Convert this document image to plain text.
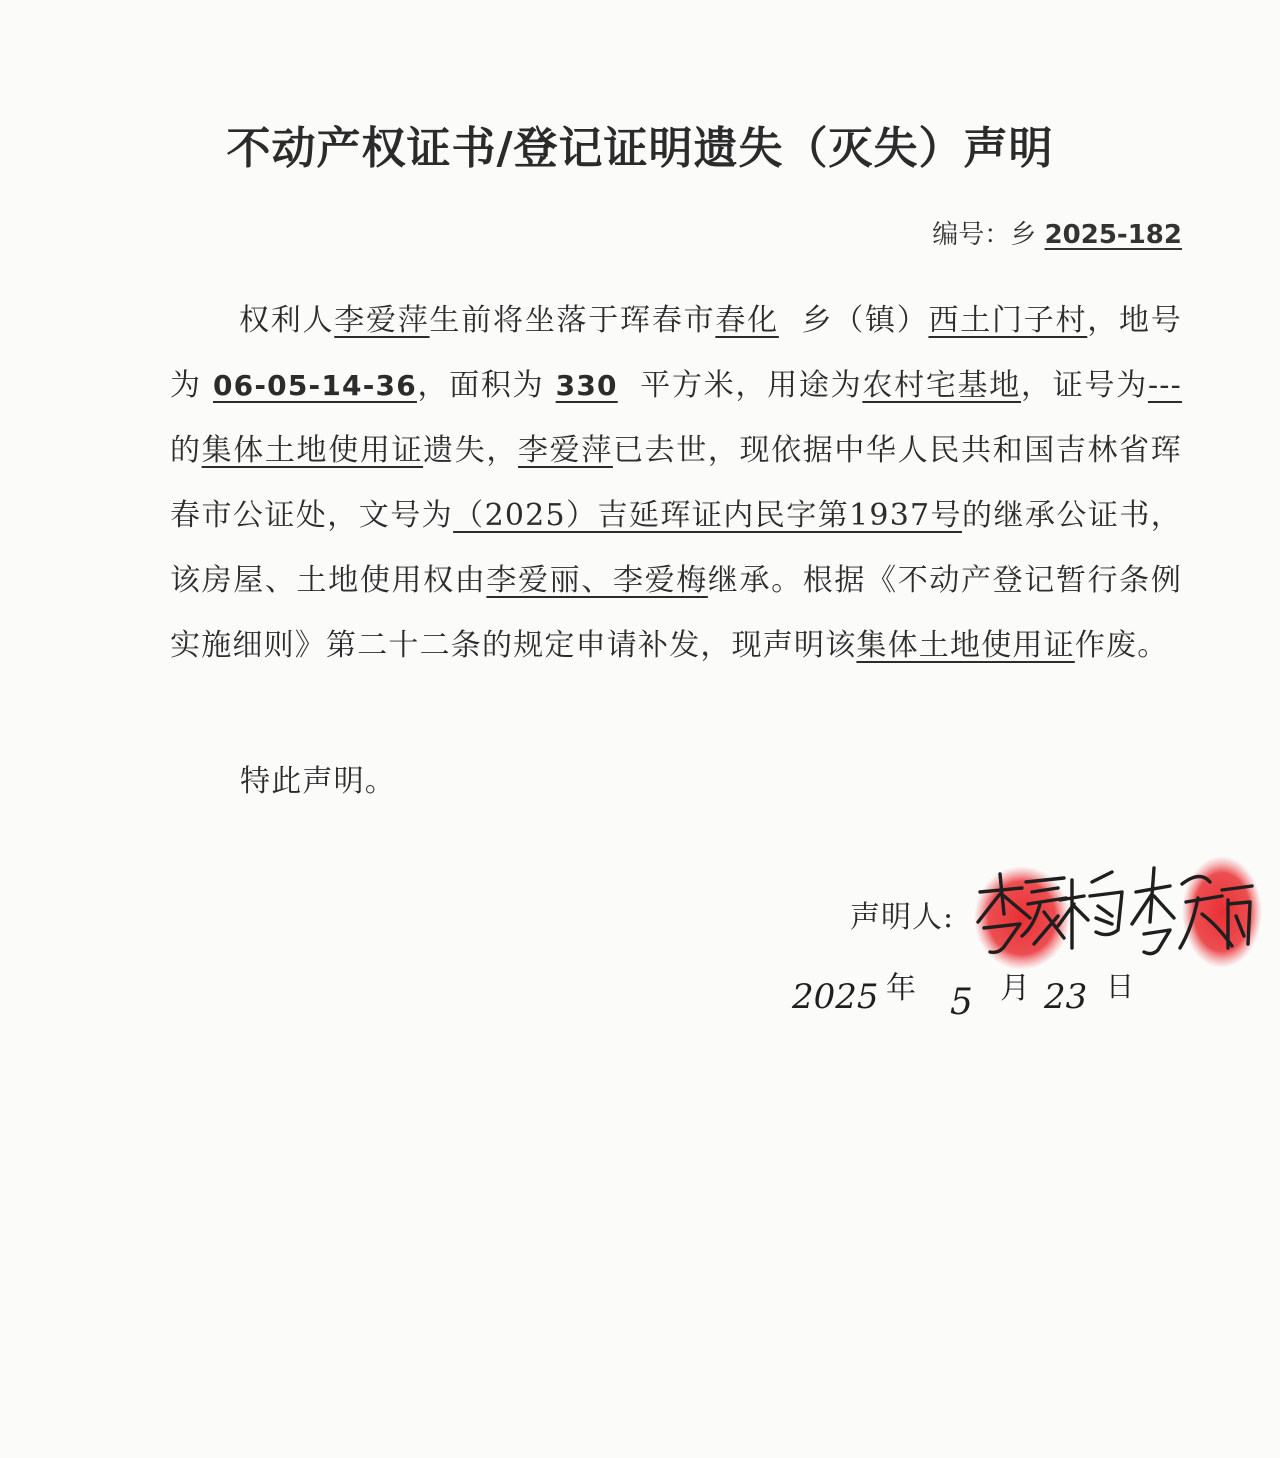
不动产权证书/登记证明遗失（灭失）声明
编号：乡 2025-182

权利人李爱萍生前将坐落于珲春市春化 乡（镇）西土门子村，地号为 06-05-14-36，面积为 330 平方米，用途为农村宅基地，证号为---的集体土地使用证遗失，李爱萍已去世，现依据中华人民共和国吉林省珲春市公证处，文号为（2025）吉延珲证内民字第1937号的继承公证书，该房屋、土地使用权由李爱丽、李爱梅继承。根据《不动产登记暂行条例实施细则》第二十二条的规定申请补发，现声明该集体土地使用证作废。

特此声明。
声明人:
2025 年 5 月 23 日
